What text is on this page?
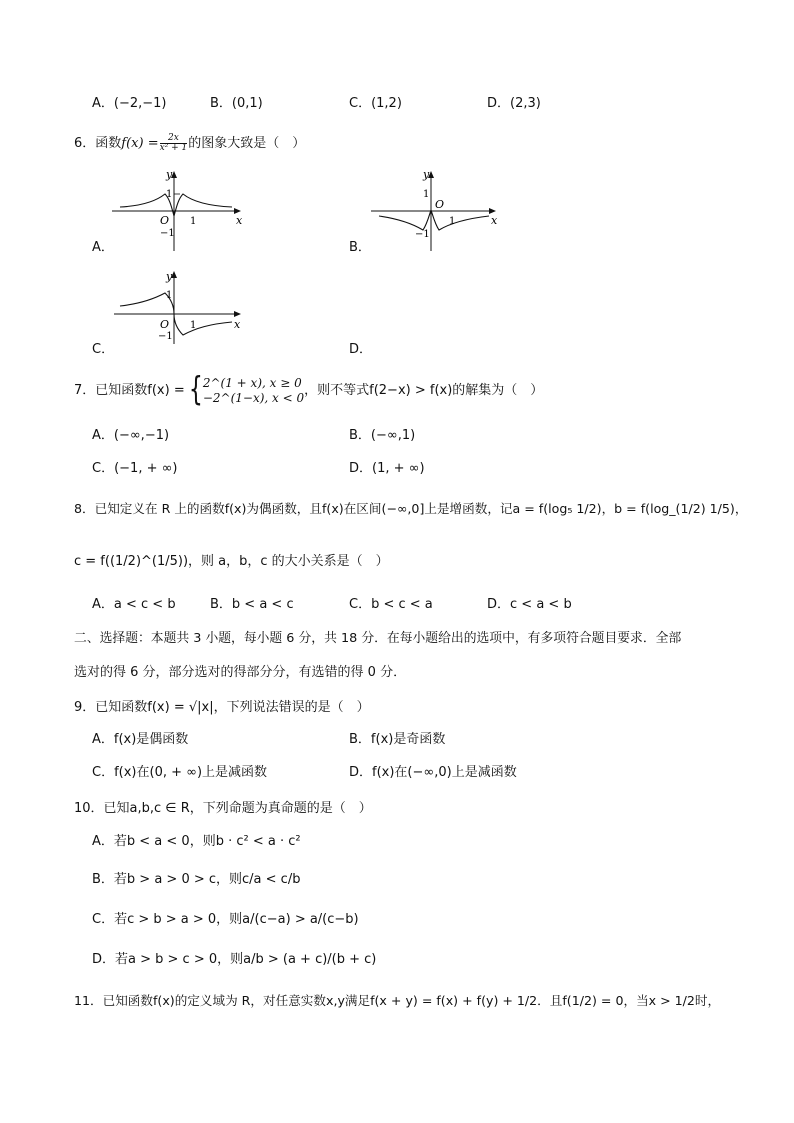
A．(−2,−1)	B．(0,1)	C．(1,2)	D．(2,3)
6．函数$f(x) = \frac{2x}{\text{x² + 1}}$ 的图象大致是（　）
y
x
O
1
1
−1
A．
y
x
O
1
1
−1
B．
y
x
O
1
1
−1
C．	D．
7．已知函数f(x) = { 2^(1 + x), x ≥ 0
−2^(1−x), x < 0 ，则不等式f(2−x) > f(x)的解集为（　）
A．(−∞,−1)	B．(−∞,1)
C．(−1, + ∞)	D．(1, + ∞)
8．已知定义在 R 上的函数f(x)为偶函数，且f(x)在区间(−∞,0]上是增函数，记a = f(log₅ 1/2)，b = f(log_(1/2) 1/5)，
c = f((1/2)^(1/5))，则 a，b，c 的大小关系是（　）
A．a < c < b	B．b < a < c	C．b < c < a	D．c < a < b
二、选择题：本题共 3 小题，每小题 6 分，共 18 分．在每小题给出的选项中，有多项符合题目要求．全部
选对的得 6 分，部分选对的得部分分，有选错的得 0 分．
9．已知函数f(x) = √|x|，下列说法错误的是（　）
A．f(x)是偶函数	B．f(x)是奇函数
C．f(x)在(0, + ∞)上是减函数	D．f(x)在(−∞,0)上是减函数
10．已知a,b,c ∈ R，下列命题为真命题的是（　）
A．若b < a < 0，则b · c² < a · c²
B．若b > a > 0 > c，则c/a < c/b
C．若c > b > a > 0，则a/(c−a) > a/(c−b)
D．若a > b > c > 0，则a/b > (a + c)/(b + c)
11．已知函数f(x)的定义域为 R，对任意实数x,y满足f(x + y) = f(x) + f(y) + 1/2．且f(1/2) = 0，当x > 1/2时，
